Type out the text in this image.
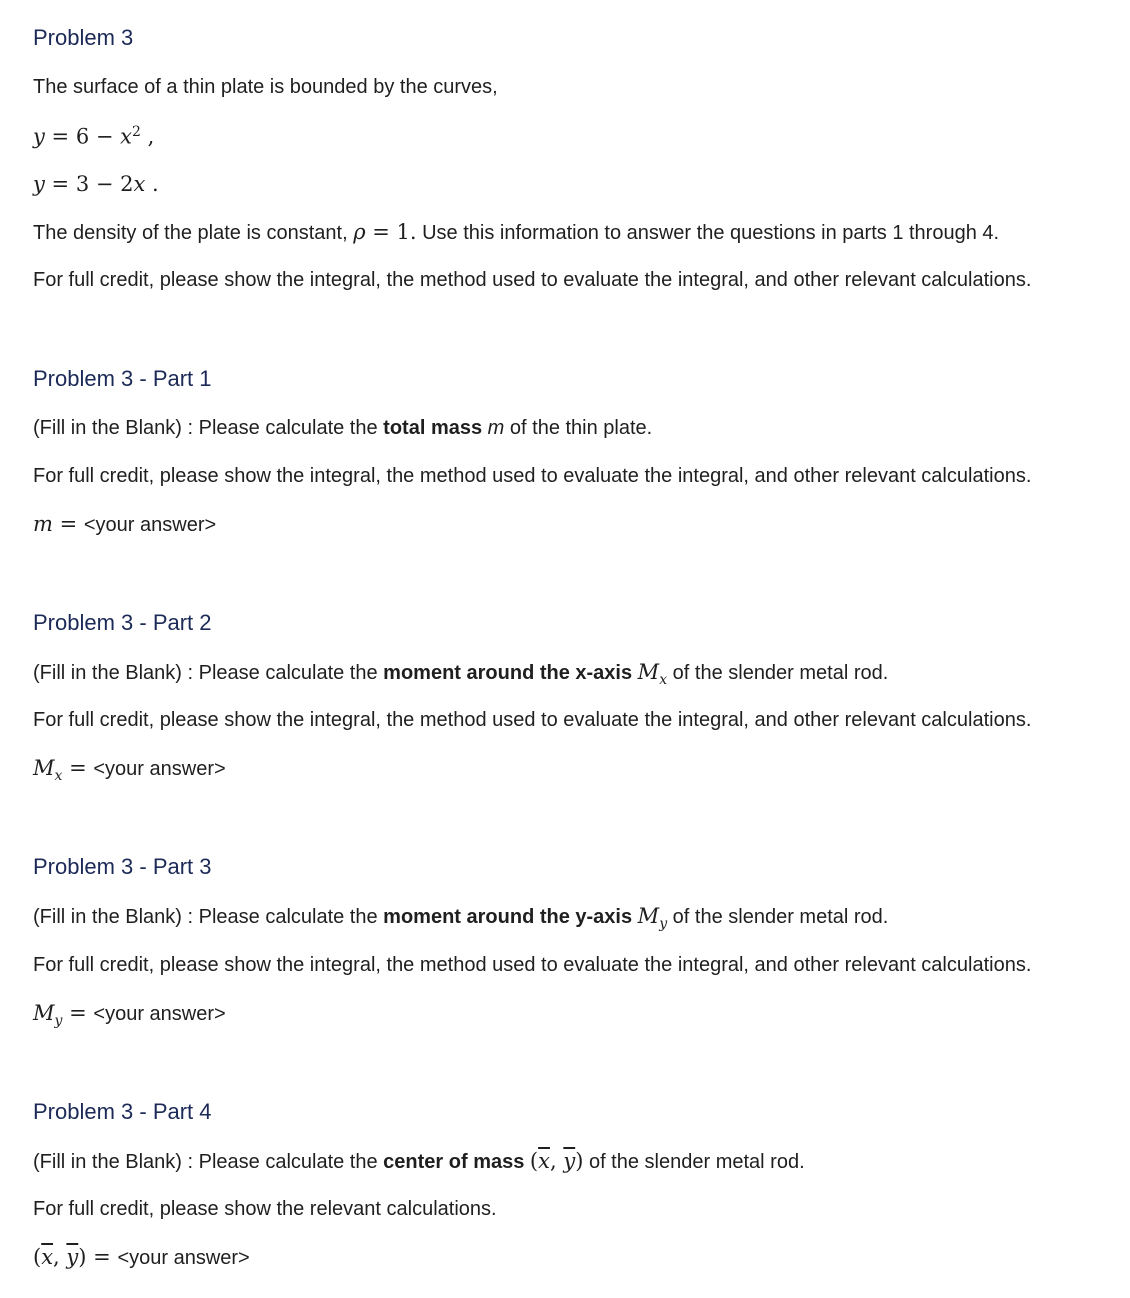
Problem 3
The surface of a thin plate is bounded by the curves,
$y = 6 - x^2$ ,
y = 3 − 2x .
The density of the plate is constant, ρ = 1. Use this information to answer the questions in parts 1 through 4.
For full credit, please show the integral, the method used to evaluate the integral, and other relevant calculations.
Problem 3 - Part 1
(Fill in the Blank) : Please calculate the total mass m of the thin plate.
For full credit, please show the integral, the method used to evaluate the integral, and other relevant calculations.
m = <your answer>
Problem 3 - Part 2
(Fill in the Blank) : Please calculate the moment around the x-axis $M_x$ of the slender metal rod.
For full credit, please show the integral, the method used to evaluate the integral, and other relevant calculations.
$M_x$ = <your answer>
Problem 3 - Part 3
(Fill in the Blank) : Please calculate the moment around the y-axis $M_y$ of the slender metal rod.
For full credit, please show the integral, the method used to evaluate the integral, and other relevant calculations.
$M_y$ = <your answer>
Problem 3 - Part 4
(Fill in the Blank) : Please calculate the center of mass ($\overline{x}$, $\overline{y}$) of the slender metal rod.
For full credit, please show the relevant calculations.
($\overline{x}$, $\overline{y}$) = <your answer>
